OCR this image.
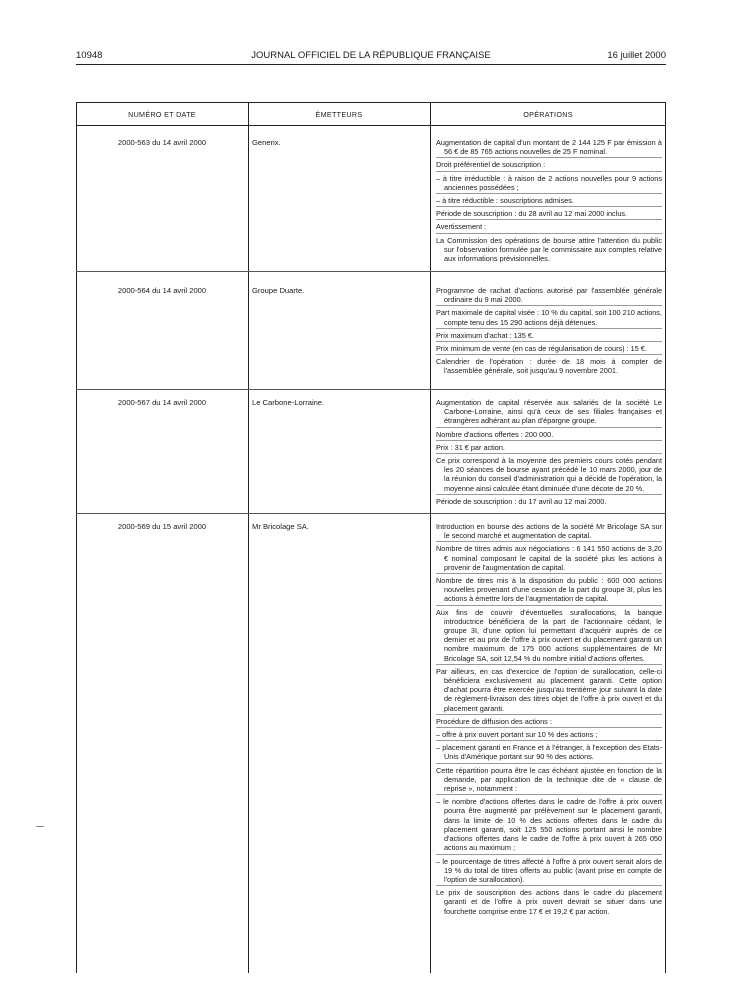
10948	JOURNAL OFFICIEL DE LA RÉPUBLIQUE FRANÇAISE	16 juillet 2000
NUMÉRO ET DATE	ÉMETTEURS	OPÉRATIONS
2000-563 du 14 avril 2000	Generix.	Augmentation de capital d'un montant de 2 144 125 F par émission à 56 € de 85 765 actions nouvelles de 25 F nominal.

Droit préférentiel de souscription :

– à titre irréductible : à raison de 2 actions nouvelles pour 9 actions anciennes possédées ;

– à titre réductible : souscriptions admises.

Période de souscription : du 28 avril au 12 mai 2000 inclus.

Avertissement :

La Commission des opérations de bourse attire l'attention du public sur l'observation formulée par le commissaire aux comptes relative aux informations prévisionnelles.

2000-564 du 14 avril 2000	Groupe Duarte.	Programme de rachat d'actions autorisé par l'assemblée générale ordinaire du 9 mai 2000.

Part maximale de capital visée : 10 % du capital, soit 100 210 actions, compte tenu des 15 290 actions déjà détenues.

Prix maximum d'achat : 135 €.

Prix minimum de vente (en cas de régularisation de cours) : 15 €.

Calendrier de l'opération : durée de 18 mois à compter de l'assemblée générale, soit jusqu'au 9 novembre 2001.

2000-567 du 14 avril 2000	Le Carbone-Lorraine.	Augmentation de capital réservée aux salariés de la société Le Carbone-Lorraine, ainsi qu'à ceux de ses filiales françaises et étrangères adhérant au plan d'épargne groupe.

Nombre d'actions offertes : 200 000.

Prix : 31 € par action.

Ce prix correspond à la moyenne des premiers cours cotés pendant les 20 séances de bourse ayant précédé le 10 mars 2000, jour de la réunion du conseil d'administration qui a décidé de l'opération, la moyenne ainsi calculée étant diminuée d'une décote de 20 %.

Période de souscription : du 17 avril au 12 mai 2000.

2000-569 du 15 avril 2000	Mr Bricolage SA.	Introduction en bourse des actions de la société Mr Bricolage SA sur le second marché et augmentation de capital.

Nombre de titres admis aux négociations : 6 141 550 actions de 3,20 € nominal composant le capital de la société plus les actions à provenir de l'augmentation de capital.

Nombre de titres mis à la disposition du public : 600 000 actions nouvelles provenant d'une cession de la part du groupe 3I, plus les actions à émettre lors de l'augmentation de capital.

Aux fins de couvrir d'éventuelles surallocations, la banque introductrice bénéficiera de la part de l'actionnaire cédant, le groupe 3I, d'une option lui permettant d'acquérir auprès de ce dernier et au prix de l'offre à prix ouvert et du placement garanti un nombre maximum de 175 000 actions supplémentaires de Mr Bricolage SA, soit 12,54 % du nombre initial d'actions offertes.

Par ailleurs, en cas d'exercice de l'option de surallocation, celle-ci bénéficiera exclusivement au placement garanti. Cette option d'achat pourra être exercée jusqu'au trentième jour suivant la date de règlement-livraison des titres objet de l'offre à prix ouvert et du placement garanti.

Procédure de diffusion des actions :

– offre à prix ouvert portant sur 10 % des actions ;

– placement garanti en France et à l'étranger, à l'exception des Etats-Unis d'Amérique portant sur 90 % des actions.

Cette répartition pourra être le cas échéant ajustée en fonction de la demande, par application de la technique dite de « clause de reprise », notamment :

– le nombre d'actions offertes dans le cadre de l'offre à prix ouvert pourra être augmenté par prélèvement sur le placement garanti, dans la limite de 10 % des actions offertes dans le cadre du placement garanti, soit 125 550 actions portant ainsi le nombre d'actions offertes dans le cadre de l'offre à prix ouvert à 265 050 actions au maximum ;

– le pourcentage de titres affecté à l'offre à prix ouvert serait alors de 19 % du total de titres offerts au public (avant prise en compte de l'option de surallocation).

Le prix de souscription des actions dans le cadre du placement garanti et de l'offre à prix ouvert devrait se situer dans une fourchette comprise entre 17 € et 19,2 € par action.
